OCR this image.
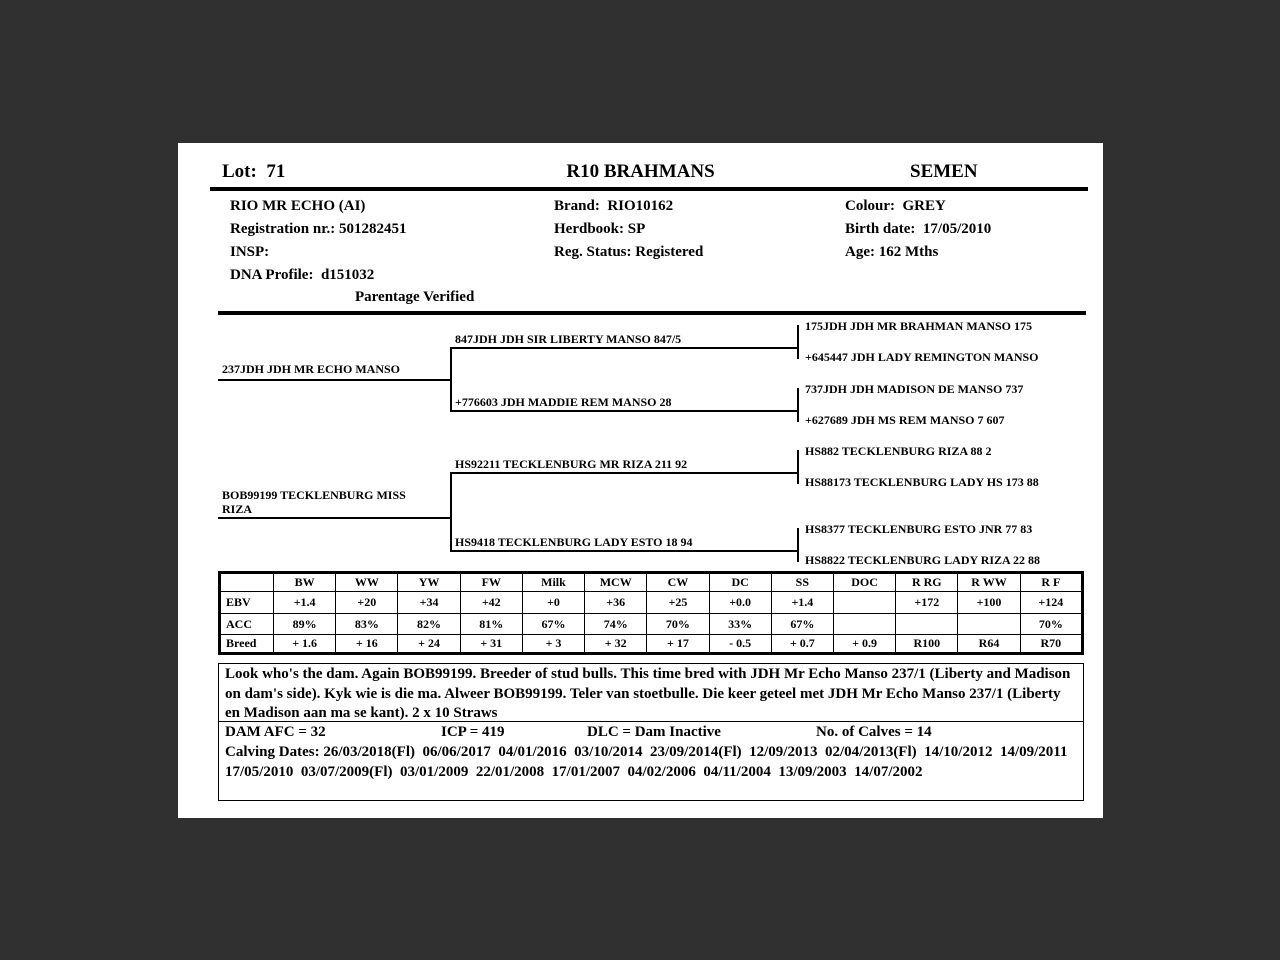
Lot:  71	R10 BRAHMANS	SEMEN
RIO MR ECHO (AI)
Registration nr.: 501282451
INSP:
DNA Profile:  d151032
Brand:  RIO10162
Herdbook: SP
Reg. Status: Registered
Colour:  GREY
Birth date:  17/05/2010
Age: 162 Mths
Parentage Verified
237JDH JDH MR ECHO MANSO
BOB99199 TECKLENBURG MISS RIZA
847JDH JDH SIR LIBERTY MANSO 847/5
+776603 JDH MADDIE REM MANSO 28
HS92211 TECKLENBURG MR RIZA 211 92
HS9418 TECKLENBURG LADY ESTO 18 94
175JDH JDH MR BRAHMAN MANSO 175
+645447 JDH LADY REMINGTON MANSO
737JDH JDH MADISON DE MANSO 737
+627689 JDH MS REM MANSO 7 607
HS882 TECKLENBURG RIZA 88 2
HS88173 TECKLENBURG LADY HS 173 88
HS8377 TECKLENBURG ESTO JNR 77 83
HS8822 TECKLENBURG LADY RIZA 22 88
	BW	WW	YW	FW	Milk	MCW	CW	DC	SS	DOC	R RG	R WW	R F
EBV	+1.4	+20	+34	+42	+0	+36	+25	+0.0	+1.4		+172	+100	+124
ACC	89%	83%	82%	81%	67%	74%	70%	33%	67%				70%
Breed	+ 1.6	+ 16	+ 24	+ 31	+ 3	+ 32	+ 17	- 0.5	+ 0.7	+ 0.9	R100	R64	R70
Look who's the dam. Again BOB99199. Breeder of stud bulls. This time bred with JDH Mr Echo Manso 237/1 (Liberty and Madison on dam's side). Kyk wie is die ma. Alweer BOB99199. Teler van stoetbulle. Die keer geteel met JDH Mr Echo Manso 237/1 (Liberty en Madison aan ma se kant). 2 x 10 Straws
DAM AFC = 32	ICP = 419	DLC = Dam Inactive	No. of Calves = 14
Calving Dates: 26/03/2018(Fl)  06/06/2017  04/01/2016  03/10/2014  23/09/2014(Fl)  12/09/2013  02/04/2013(Fl)  14/10/2012  14/09/2011  17/05/2010  03/07/2009(Fl)  03/01/2009  22/01/2008  17/01/2007  04/02/2006  04/11/2004  13/09/2003  14/07/2002
